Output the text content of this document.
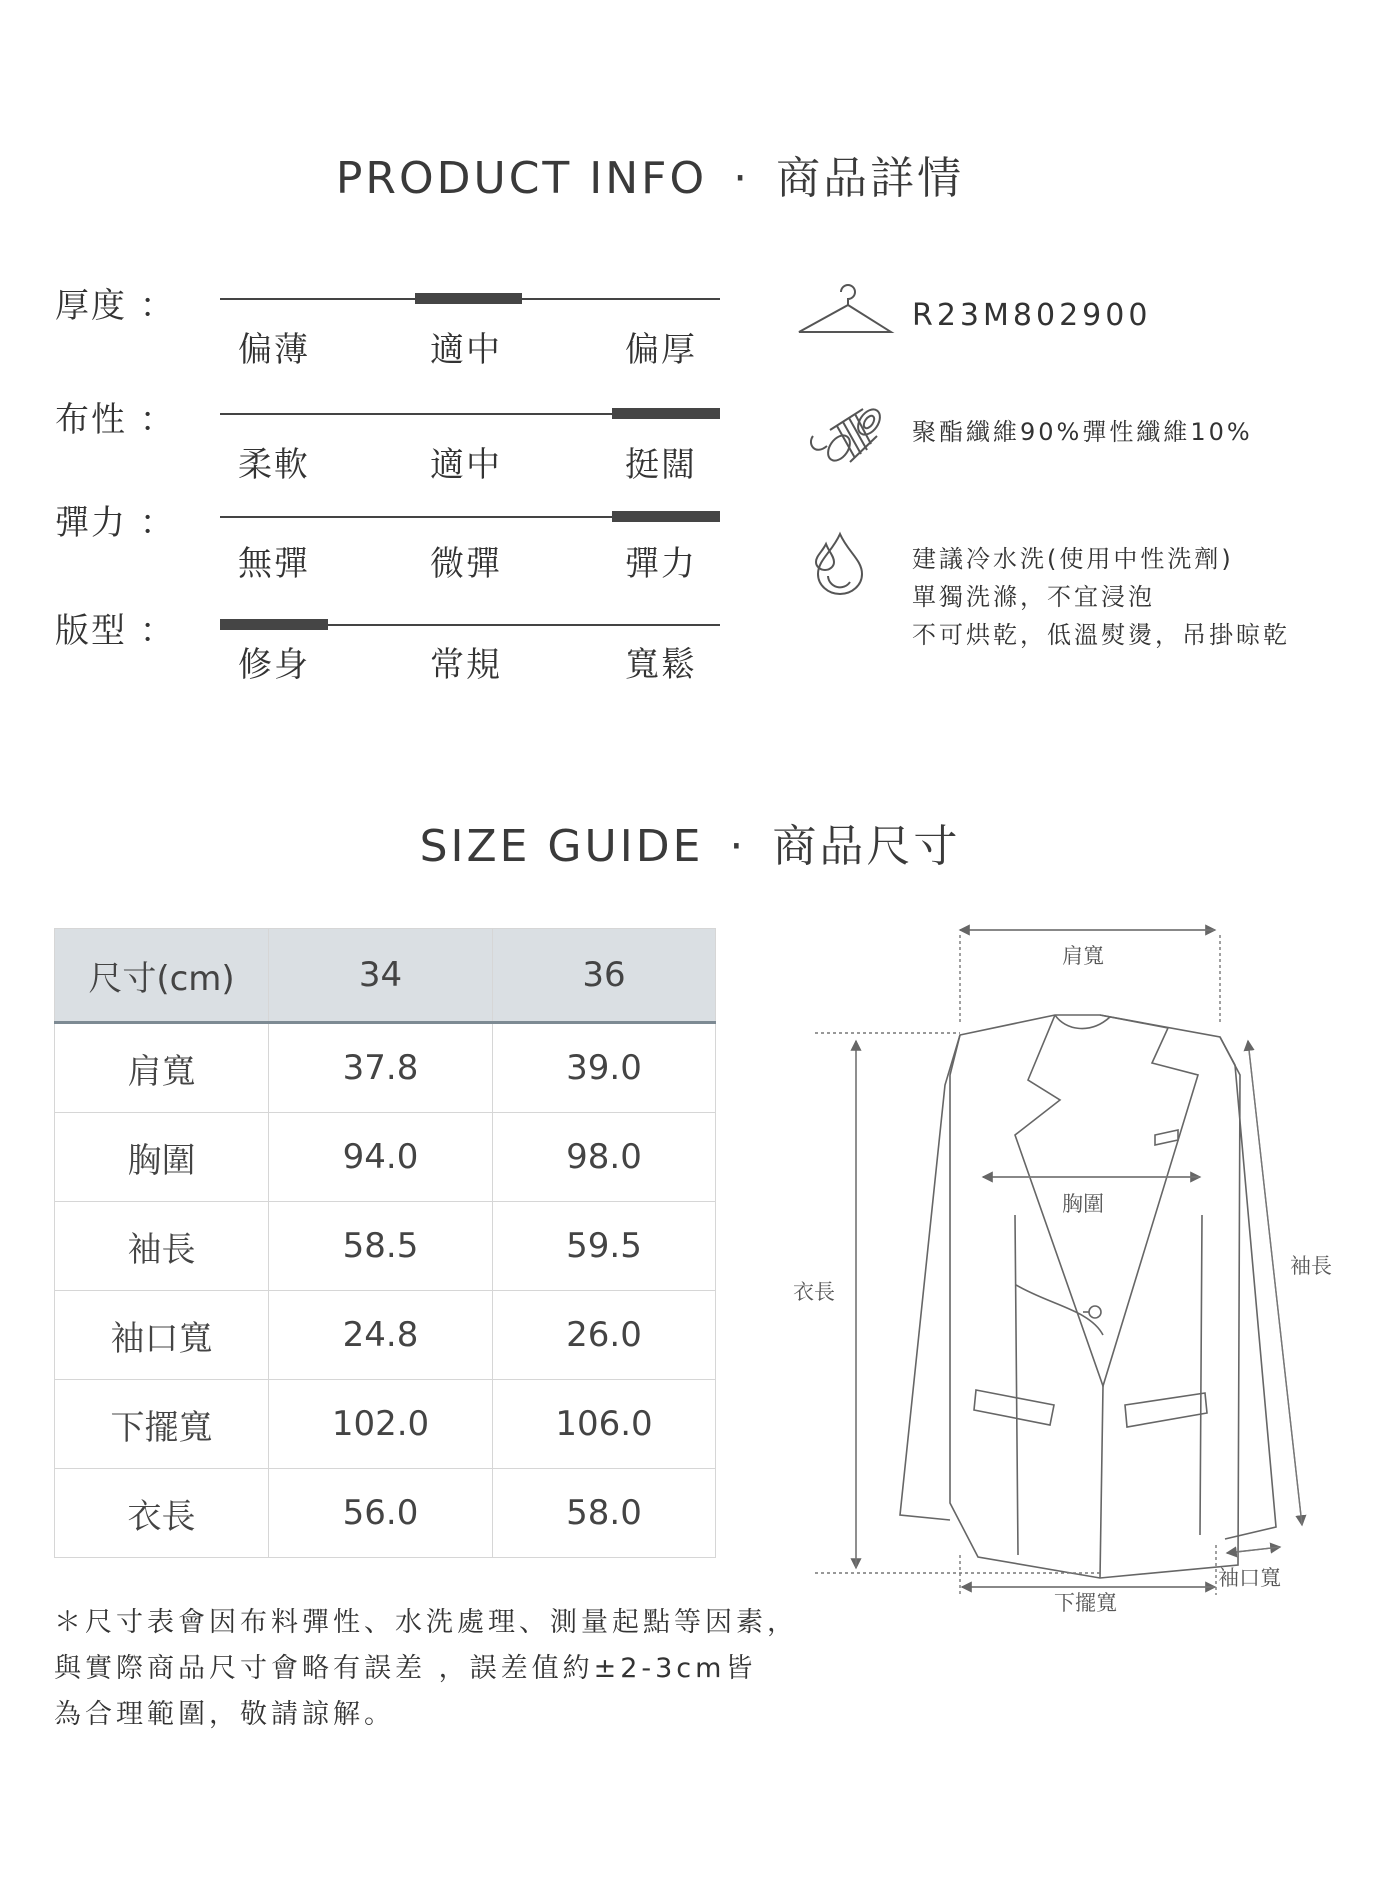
PRODUCT INFO · 商品詳情
厚度 ：
偏薄	適中	偏厚
布性 ：
柔軟	適中	挺闊
彈力 ：
無彈	微彈	彈力
版型 ：
修身	常規	寬鬆
R23M802900
聚酯纖維90%彈性纖維10%
建議冷水洗(使用中性洗劑)
單獨洗滌，不宜浸泡
不可烘乾，低溫熨燙，吊掛晾乾
SIZE GUIDE · 商品尺寸
尺寸(cm)	34	36
肩寬	37.8	39.0
胸圍	94.0	98.0
袖長	58.5	59.5
袖口寬	24.8	26.0
下擺寬	102.0	106.0
衣長	56.0	58.0
＊尺寸表會因布料彈性、水洗處理、測量起點等因素，
與實際商品尺寸會略有誤差 ，誤差值約±2-3cm皆
為合理範圍，敬請諒解。
肩寬
胸圍
袖長
衣長
袖口寬
下擺寬
